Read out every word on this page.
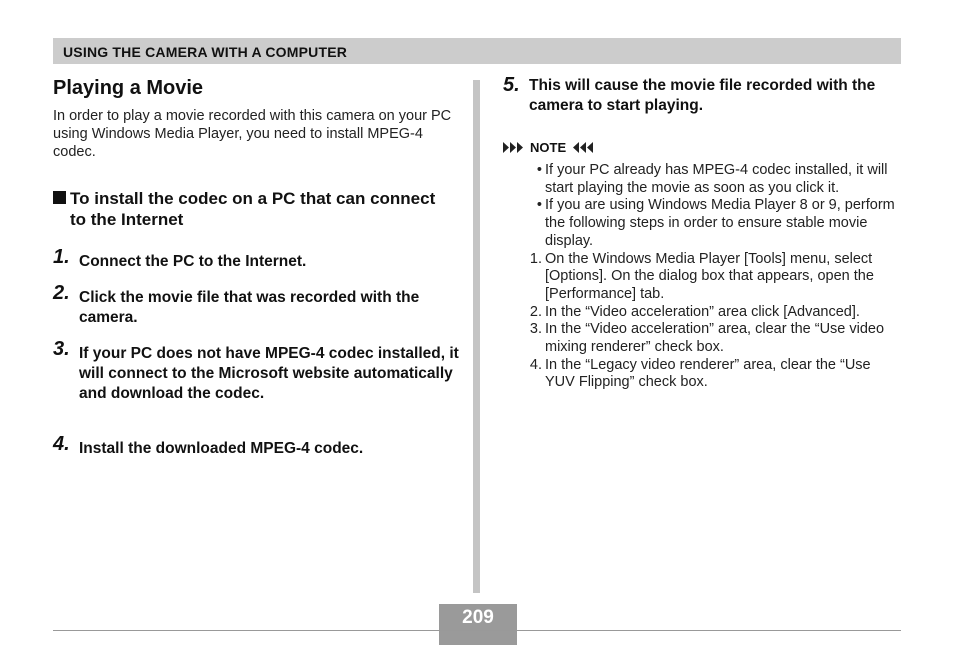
USING THE CAMERA WITH A COMPUTER
Playing a Movie

In order to play a movie recorded with this camera on your PC using Windows Media Player, you need to install MPEG-4 codec.

To install the codec on a PC that can connect to the Internet
1. Connect the PC to the Internet.
2. Click the movie file that was recorded with the camera.
3. If your PC does not have MPEG-4 codec installed, it will connect to the Microsoft website automatically and download the codec.
4. Install the downloaded MPEG-4 codec.
5. This will cause the movie file recorded with the camera to start playing.
NOTE
• If your PC already has MPEG-4 codec installed, it will start playing the movie as soon as you click it.
• If you are using Windows Media Player 8 or 9, perform the following steps in order to ensure stable movie display.
1. On the Windows Media Player [Tools] menu, select [Options]. On the dialog box that appears, open the [Performance] tab.
2. In the “Video acceleration” area click [Advanced].
3. In the “Video acceleration” area, clear the “Use video mixing renderer” check box.
4. In the “Legacy video renderer” area, clear the “Use YUV Flipping” check box.
209
